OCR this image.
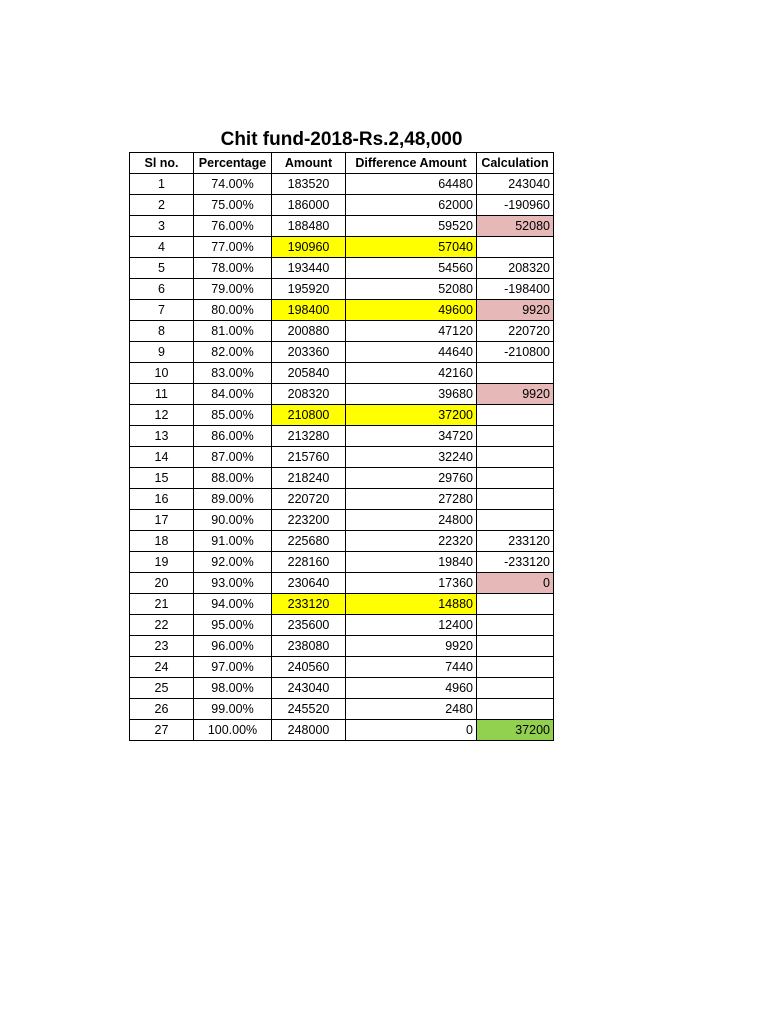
Chit fund-2018-Rs.2,48,000
Sl no.	Percentage	Amount	Difference Amount	Calculation
1	74.00%	183520	64480	243040
2	75.00%	186000	62000	-190960
3	76.00%	188480	59520	52080
4	77.00%	190960	57040	
5	78.00%	193440	54560	208320
6	79.00%	195920	52080	-198400
7	80.00%	198400	49600	9920
8	81.00%	200880	47120	220720
9	82.00%	203360	44640	-210800
10	83.00%	205840	42160	
11	84.00%	208320	39680	9920
12	85.00%	210800	37200	
13	86.00%	213280	34720	
14	87.00%	215760	32240	
15	88.00%	218240	29760	
16	89.00%	220720	27280	
17	90.00%	223200	24800	
18	91.00%	225680	22320	233120
19	92.00%	228160	19840	-233120
20	93.00%	230640	17360	0
21	94.00%	233120	14880	
22	95.00%	235600	12400	
23	96.00%	238080	9920	
24	97.00%	240560	7440	
25	98.00%	243040	4960	
26	99.00%	245520	2480	
27	100.00%	248000	0	37200
